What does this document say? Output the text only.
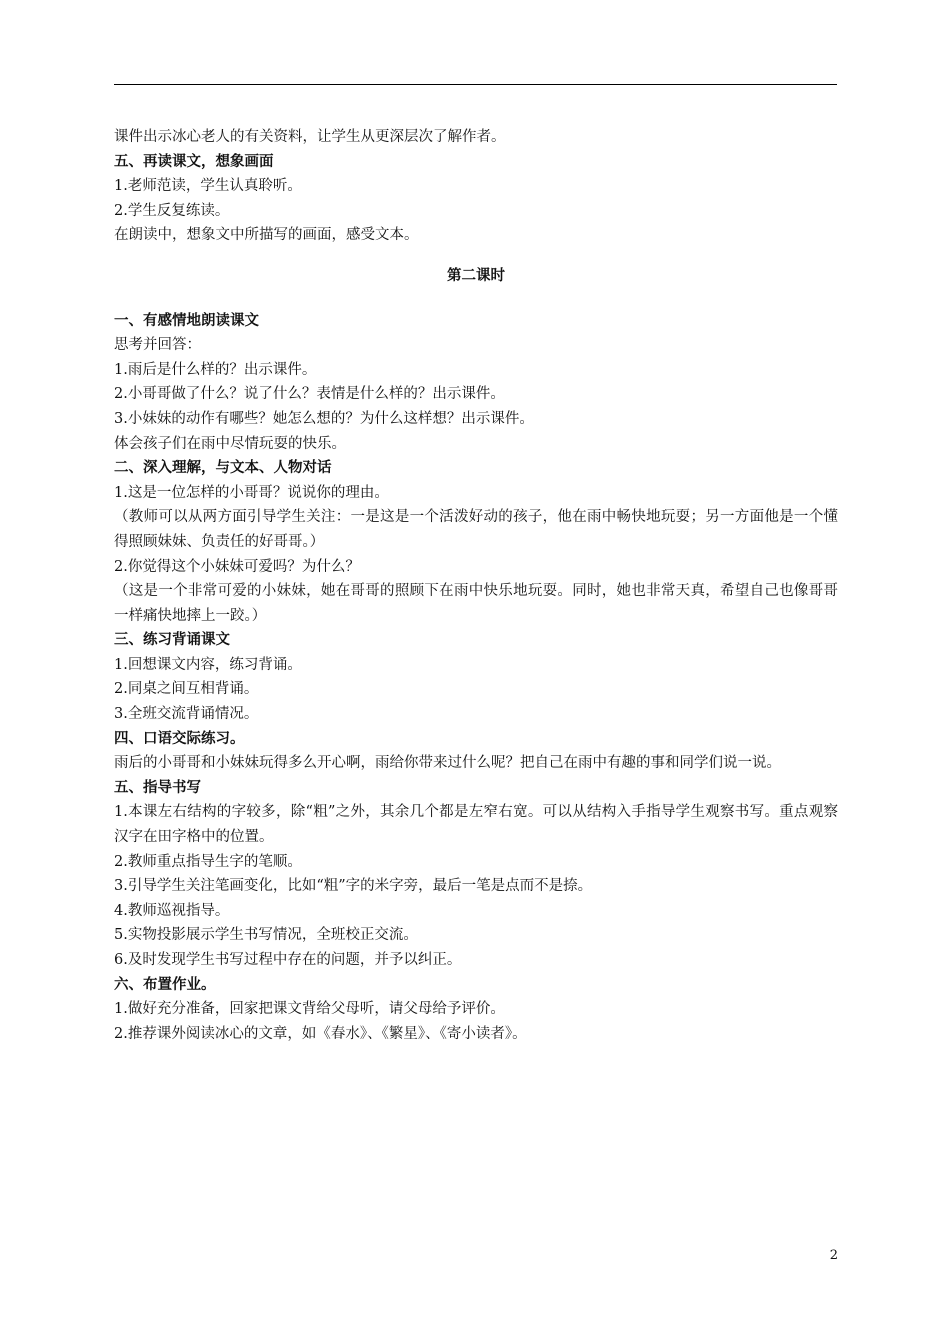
课件出示冰心老人的有关资料，让学生从更深层次了解作者。
五、再读课文，想象画面
1.老师范读，学生认真聆听。
2.学生反复练读。
在朗读中，想象文中所描写的画面，感受文本。
第二课时
一、有感情地朗读课文
思考并回答：
1.雨后是什么样的？出示课件。
2.小哥哥做了什么？说了什么？表情是什么样的？出示课件。
3.小妹妹的动作有哪些？她怎么想的？为什么这样想？出示课件。
体会孩子们在雨中尽情玩耍的快乐。
二、深入理解，与文本、人物对话
1.这是一位怎样的小哥哥？说说你的理由。
（教师可以从两方面引导学生关注：一是这是一个活泼好动的孩子，他在雨中畅快地玩耍；另一方面他是一个懂得照顾妹妹、负责任的好哥哥。）
2.你觉得这个小妹妹可爱吗？为什么？
（这是一个非常可爱的小妹妹，她在哥哥的照顾下在雨中快乐地玩耍。同时，她也非常天真，希望自己也像哥哥一样痛快地摔上一跤。）
三、练习背诵课文
1.回想课文内容，练习背诵。
2.同桌之间互相背诵。
3.全班交流背诵情况。
四、口语交际练习。
雨后的小哥哥和小妹妹玩得多么开心啊，雨给你带来过什么呢？把自己在雨中有趣的事和同学们说一说。
五、指导书写
1.本课左右结构的字较多，除“粗”之外，其余几个都是左窄右宽。可以从结构入手指导学生观察书写。重点观察汉字在田字格中的位置。
2.教师重点指导生字的笔顺。
3.引导学生关注笔画变化，比如“粗”字的米字旁，最后一笔是点而不是捺。
4.教师巡视指导。
5.实物投影展示学生书写情况，全班校正交流。
6.及时发现学生书写过程中存在的问题，并予以纠正。
六、布置作业。
1.做好充分准备，回家把课文背给父母听，请父母给予评价。
2.推荐课外阅读冰心的文章，如《春水》、《繁星》、《寄小读者》。
2
